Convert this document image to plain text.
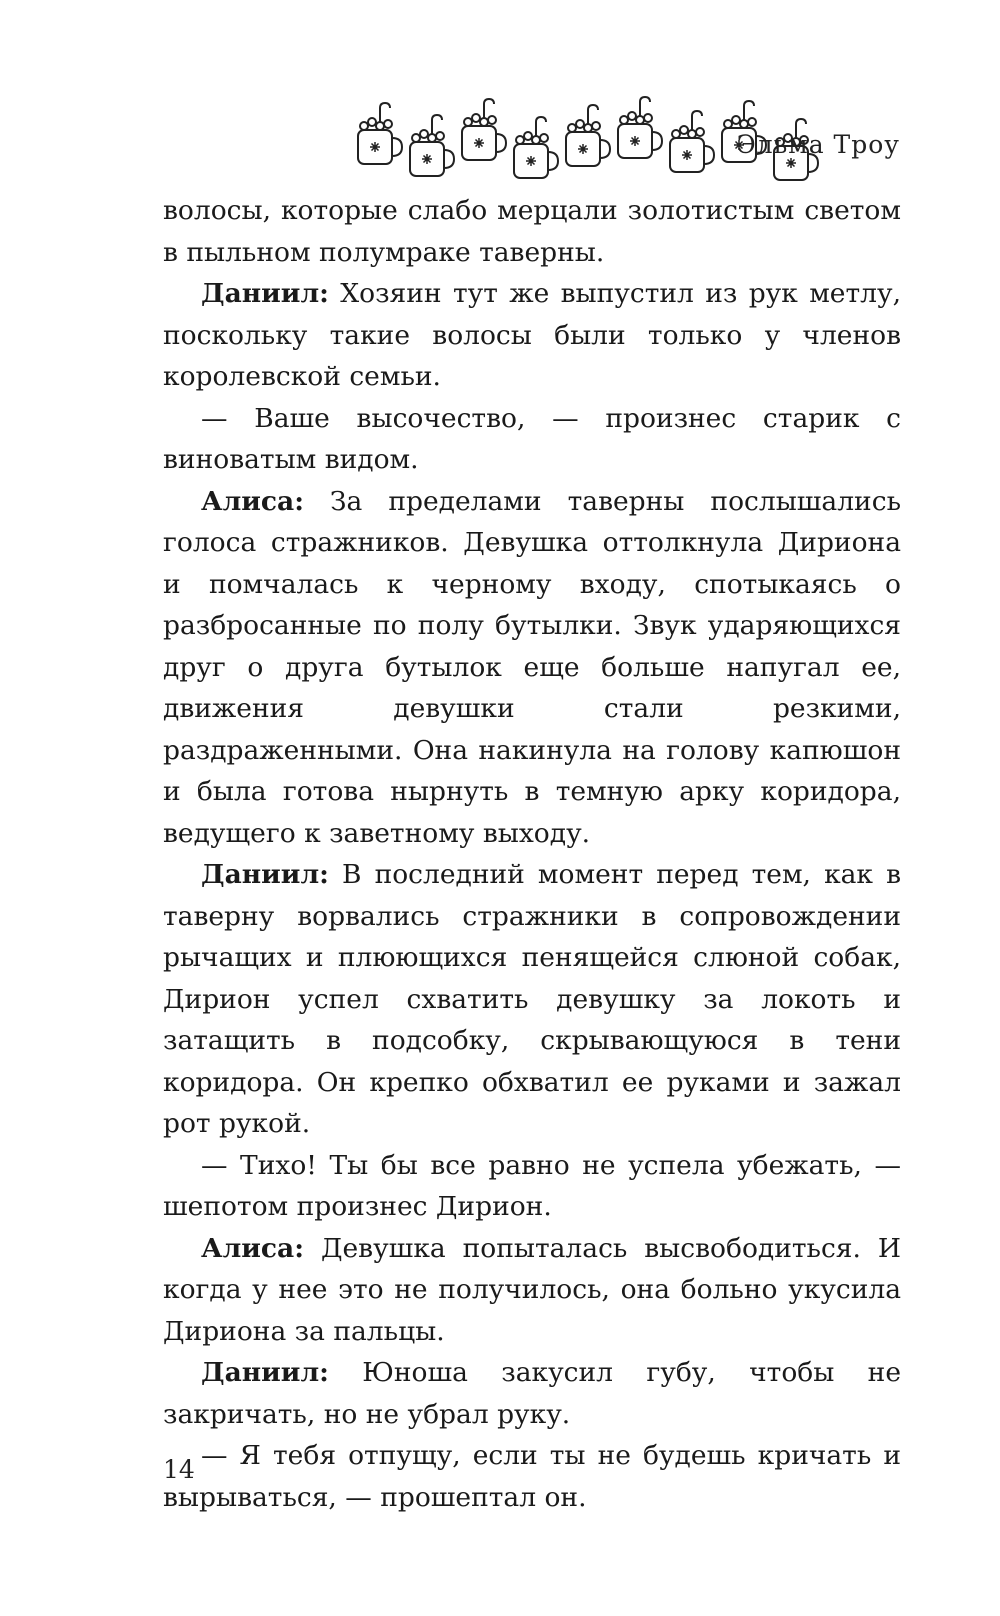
Эльма Троу

волосы, которые слабо мерцали золотистым светом в пыльном полумраке таверны.

Даниил: Хозяин тут же выпустил из рук метлу, поскольку такие волосы были только у членов королевской семьи.

— Ваше высочество, — произнес старик с виноватым видом.

Алиса: За пределами таверны послышались голоса стражников. Девушка оттолкнула Дириона и помчалась к черному входу, спотыкаясь о разбросанные по полу бутылки. Звук ударяющихся друг о друга бутылок еще больше напугал ее, движения девушки стали резкими, раздраженными. Она накинула на голову капюшон и была готова нырнуть в темную арку коридора, ведущего к заветному выходу.

Даниил: В последний момент перед тем, как в таверну ворвались стражники в сопровождении рычащих и плюющихся пенящейся слюной собак, Дирион успел схватить девушку за локоть и затащить в подсобку, скрывающуюся в тени коридора. Он крепко обхватил ее руками и зажал рот рукой.

— Тихо! Ты бы все равно не успела убежать, — шепотом произнес Дирион.

Алиса: Девушка попыталась высвободиться. И когда у нее это не получилось, она больно укусила Дириона за пальцы.

Даниил: Юноша закусил губу, чтобы не закричать, но не убрал руку.

— Я тебя отпущу, если ты не будешь кричать и вырываться, — прошептал он.

14
